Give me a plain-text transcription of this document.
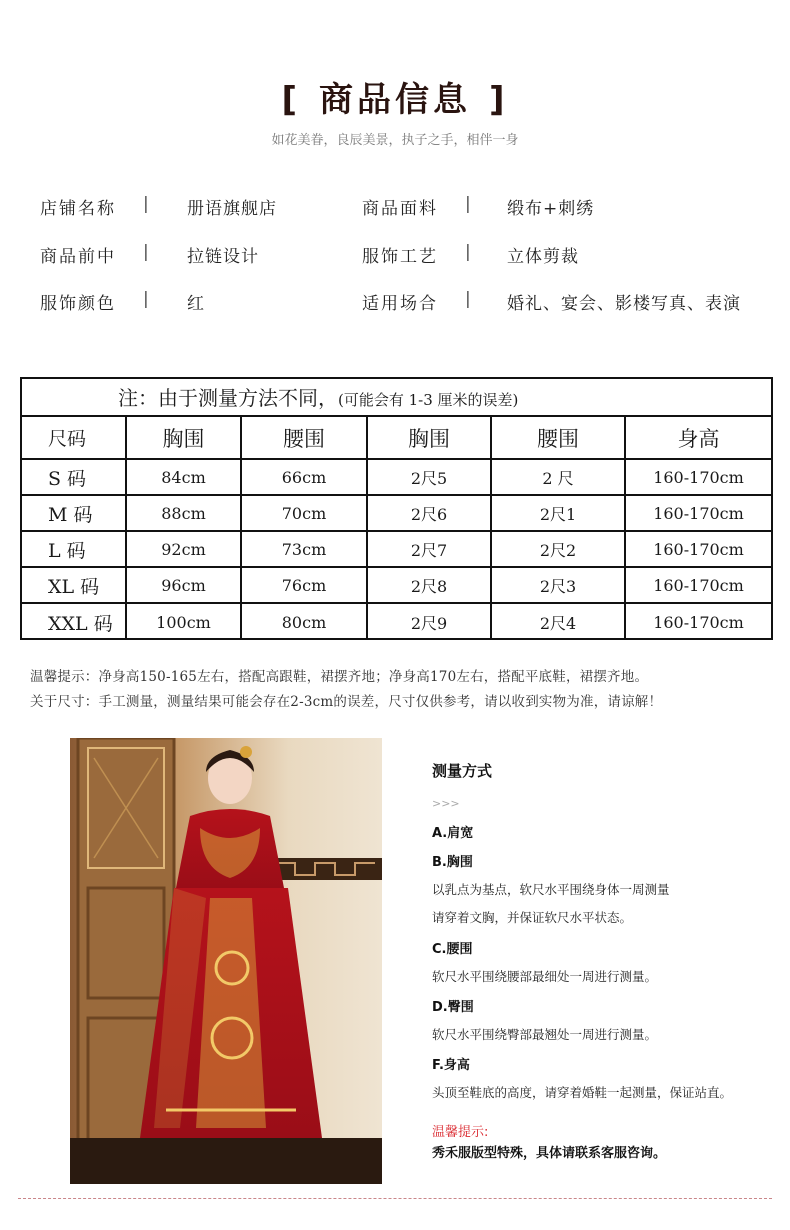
[ 商品信息 ]
如花美眷，良辰美景，执子之手，相伴一身
店铺名称 | 册语旗舰店	商品面料 | 缎布+刺绣
商品前中 | 拉链设计	服饰工艺 | 立体剪裁
服饰颜色 | 红	适用场合 | 婚礼、宴会、影楼写真、表演
注：由于测量方法不同，(可能会有 1-3 厘米的误差)
尺码	胸围	腰围	胸围	腰围	身高
S 码	84cm	66cm	2尺5	2 尺	160-170cm
M 码	88cm	70cm	2尺6	2尺1	160-170cm
L 码	92cm	73cm	2尺7	2尺2	160-170cm
XL 码	96cm	76cm	2尺8	2尺3	160-170cm
XXL 码	100cm	80cm	2尺9	2尺4	160-170cm
温馨提示：净身高150-165左右，搭配高跟鞋，裙摆齐地；净身高170左右，搭配平底鞋，裙摆齐地。
关于尺寸：手工测量，测量结果可能会存在2-3cm的误差，尺寸仅供参考，请以收到实物为准，请谅解！
测量方式
>>>
A.肩宽
B.胸围
以乳点为基点，软尺水平围绕身体一周测量
请穿着文胸，并保证软尺水平状态。
C.腰围
软尺水平围绕腰部最细处一周进行测量。
D.臀围
软尺水平围绕臀部最翘处一周进行测量。
F.身高
头顶至鞋底的高度，请穿着婚鞋一起测量，保证站直。
温馨提示:
秀禾服版型特殊，具体请联系客服咨询。
